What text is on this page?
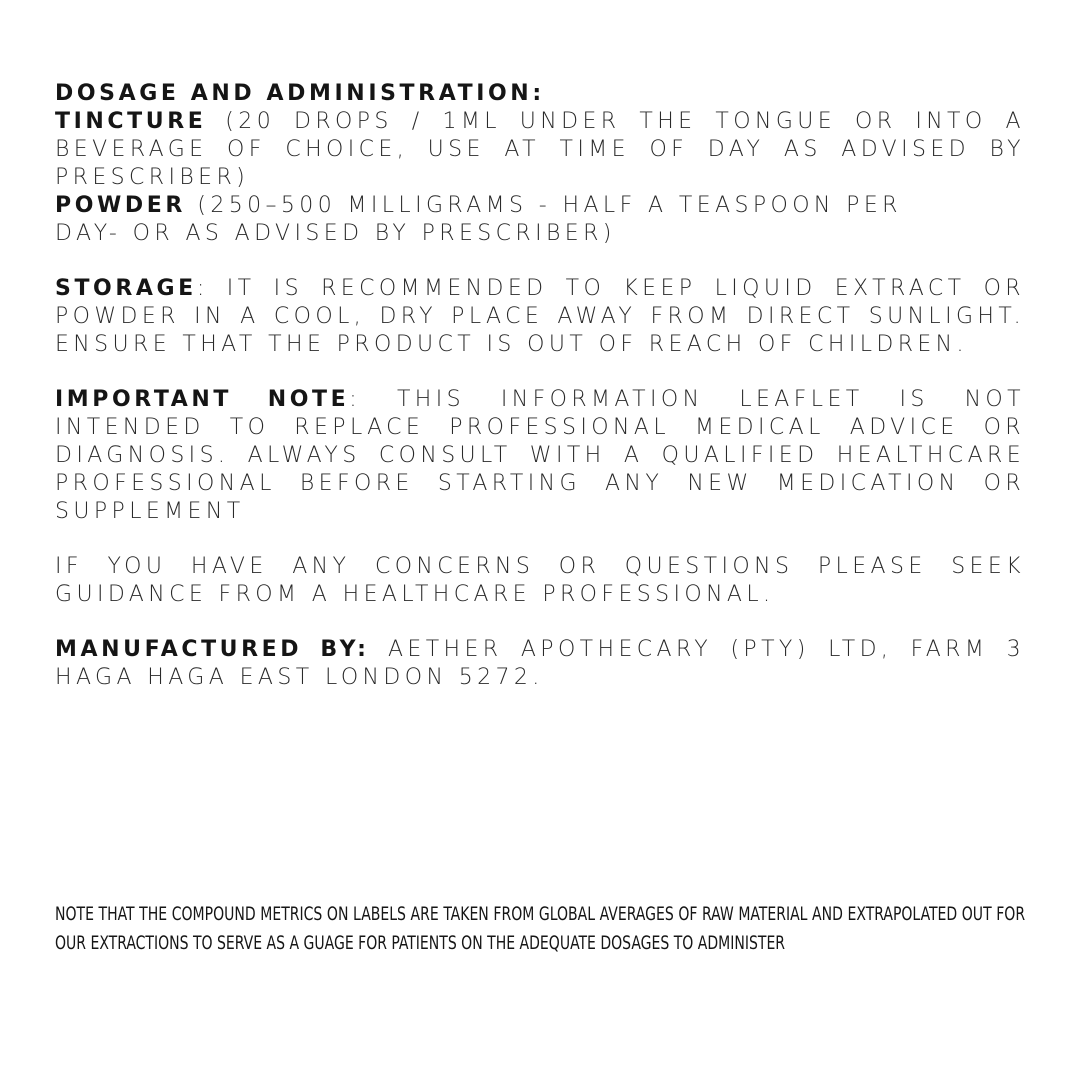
DOSAGE AND ADMINISTRATION:
TINCTURE (20 DROPS / 1ML UNDER THE TONGUE OR INTO A BEVERAGE OF CHOICE, USE AT TIME OF DAY AS ADVISED BY PRESCRIBER)
POWDER (250–500 MILLIGRAMS - HALF A TEASPOON PER DAY- OR AS ADVISED BY PRESCRIBER)
STORAGE: IT IS RECOMMENDED TO KEEP LIQUID EXTRACT OR POWDER IN A COOL, DRY PLACE AWAY FROM DIRECT SUNLIGHT. ENSURE THAT THE PRODUCT IS OUT OF REACH OF CHILDREN.
IMPORTANT NOTE: THIS INFORMATION LEAFLET IS NOT INTENDED TO REPLACE PROFESSIONAL MEDICAL ADVICE OR DIAGNOSIS. ALWAYS CONSULT WITH A QUALIFIED HEALTHCARE PROFESSIONAL BEFORE STARTING ANY NEW MEDICATION OR SUPPLEMENT
IF YOU HAVE ANY CONCERNS OR QUESTIONS PLEASE SEEK GUIDANCE FROM A HEALTHCARE PROFESSIONAL.
MANUFACTURED BY: AETHER APOTHECARY (PTY) LTD, FARM 3 HAGA HAGA EAST LONDON 5272.
NOTE THAT THE COMPOUND METRICS ON LABELS ARE TAKEN FROM GLOBAL AVERAGES OF RAW MATERIAL AND EXTRAPOLATED OUT FOR OUR EXTRACTIONS TO SERVE AS A GUAGE FOR PATIENTS ON THE ADEQUATE DOSAGES TO ADMINISTER
